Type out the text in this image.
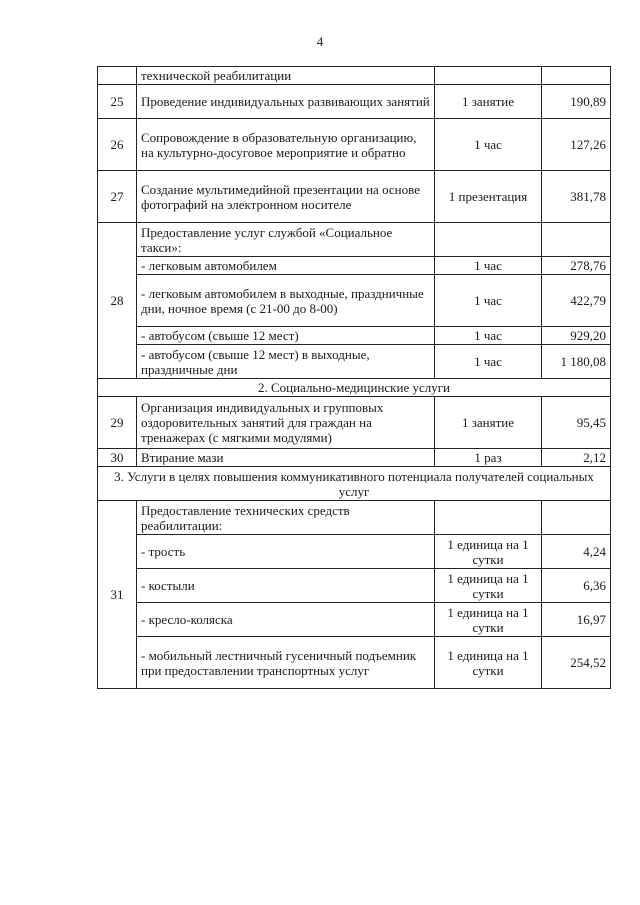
4
	технической реабилитации		
25	Проведение индивидуальных развивающих занятий	1 занятие	190,89
26	Сопровождение в образовательную организацию, на культурно-досуговое мероприятие и обратно	1 час	127,26
27	Создание мультимедийной презентации на основе фотографий на электронном носителе	1 презентация	381,78
28	Предоставление услуг службой «Социальное такси»:		
	- легковым автомобилем	1 час	278,76
	- легковым автомобилем в выходные, праздничные дни, ночное время (с 21-00 до 8-00)	1 час	422,79
	- автобусом (свыше 12 мест)	1 час	929,20
	- автобусом (свыше 12 мест) в выходные, праздничные дни	1 час	1 180,08
2. Социально-медицинские услуги			
29	Организация индивидуальных и групповых оздоровительных занятий для граждан на тренажерах (с мягкими модулями)	1 занятие	95,45
30	Втирание мази	1 раз	2,12
3. Услуги в целях повышения коммуникативного потенциала получателей социальных услуг			
31	Предоставление технических средств реабилитации:		
	- трость	1 единица на 1 сутки	4,24
	- костыли	1 единица на 1 сутки	6,36
	- кресло-коляска	1 единица на 1 сутки	16,97
	- мобильный лестничный гусеничный подъемник при предоставлении транспортных услуг	1 единица на 1 сутки	254,52
